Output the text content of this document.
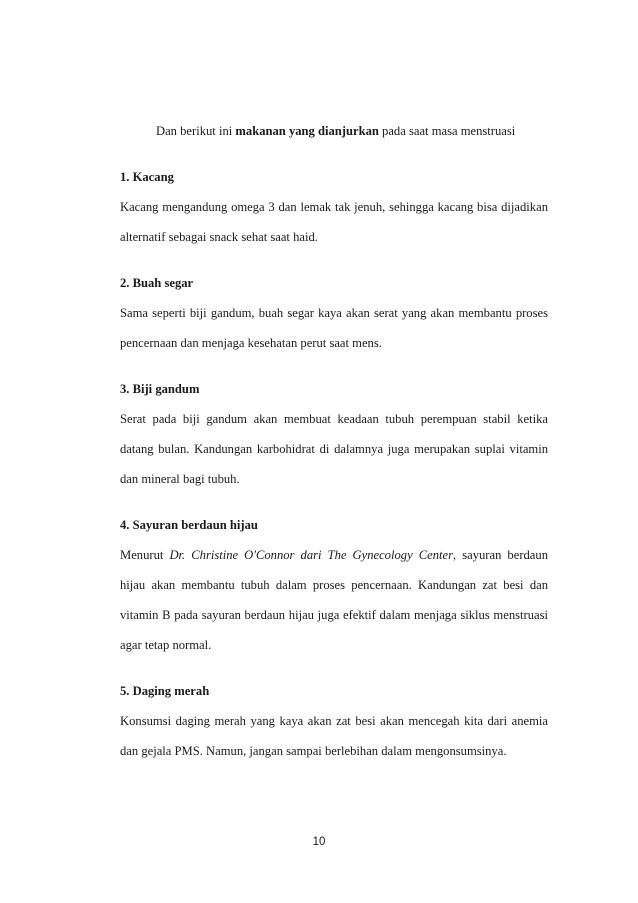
Dan berikut ini makanan yang dianjurkan pada saat masa menstruasi

1. Kacang

Kacang mengandung omega 3 dan lemak tak jenuh, sehingga kacang bisa dijadikan alternatif sebagai snack sehat saat haid.

2. Buah segar

Sama seperti biji gandum, buah segar kaya akan serat yang akan membantu proses pencernaan dan menjaga kesehatan perut saat mens.

3. Biji gandum

Serat pada biji gandum akan membuat keadaan tubuh perempuan stabil ketika datang bulan. Kandungan karbohidrat di dalamnya juga merupakan suplai vitamin dan mineral bagi tubuh.

4. Sayuran berdaun hijau

Menurut Dr. Christine O'Connor dari The Gynecology Center, sayuran berdaun hijau akan membantu tubuh dalam proses pencernaan. Kandungan zat besi dan vitamin B pada sayuran berdaun hijau juga efektif dalam menjaga siklus menstruasi agar tetap normal.

5. Daging merah

Konsumsi daging merah yang kaya akan zat besi akan mencegah kita dari anemia dan gejala PMS. Namun, jangan sampai berlebihan dalam mengonsumsinya.

10
